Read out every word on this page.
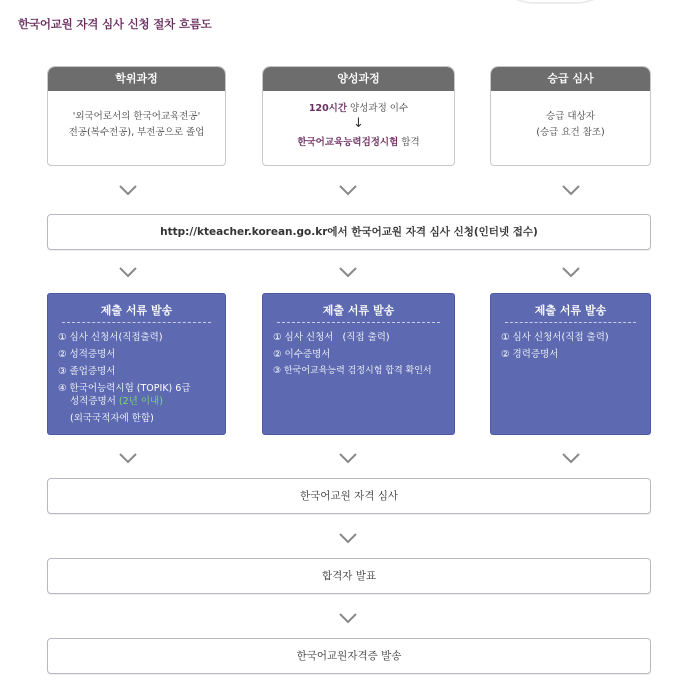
한국어교원 자격 심사 신청 절차 흐름도
학위과정
'외국어로서의 한국어교육전공'
전공(복수전공), 부전공으로 졸업
양성과정
120시간 양성과정 이수
↓
한국어교육능력검정시험 합격
승급 심사
승급 대상자
(승급 요건 참조)
http://kteacher.korean.go.kr에서 한국어교원 자격 심사 신청(인터넷 접수)
제출 서류 발송
① 심사 신청서(직접출력)
② 성적증명서
③ 졸업증명서
④ 한국어능력시험 (TOPIK) 6급
성적증명서 (2년 이내)
(외국국적자에 한함)
제출 서류 발송
① 심사 신청서   (직접 출력)
② 이수증명서
③ 한국어교육능력 검정시험 합격 확인서
제출 서류 발송
① 심사 신청서(직접 출력)
② 경력증명서
한국어교원 자격 심사
합격자 발표
한국어교원자격증 발송
